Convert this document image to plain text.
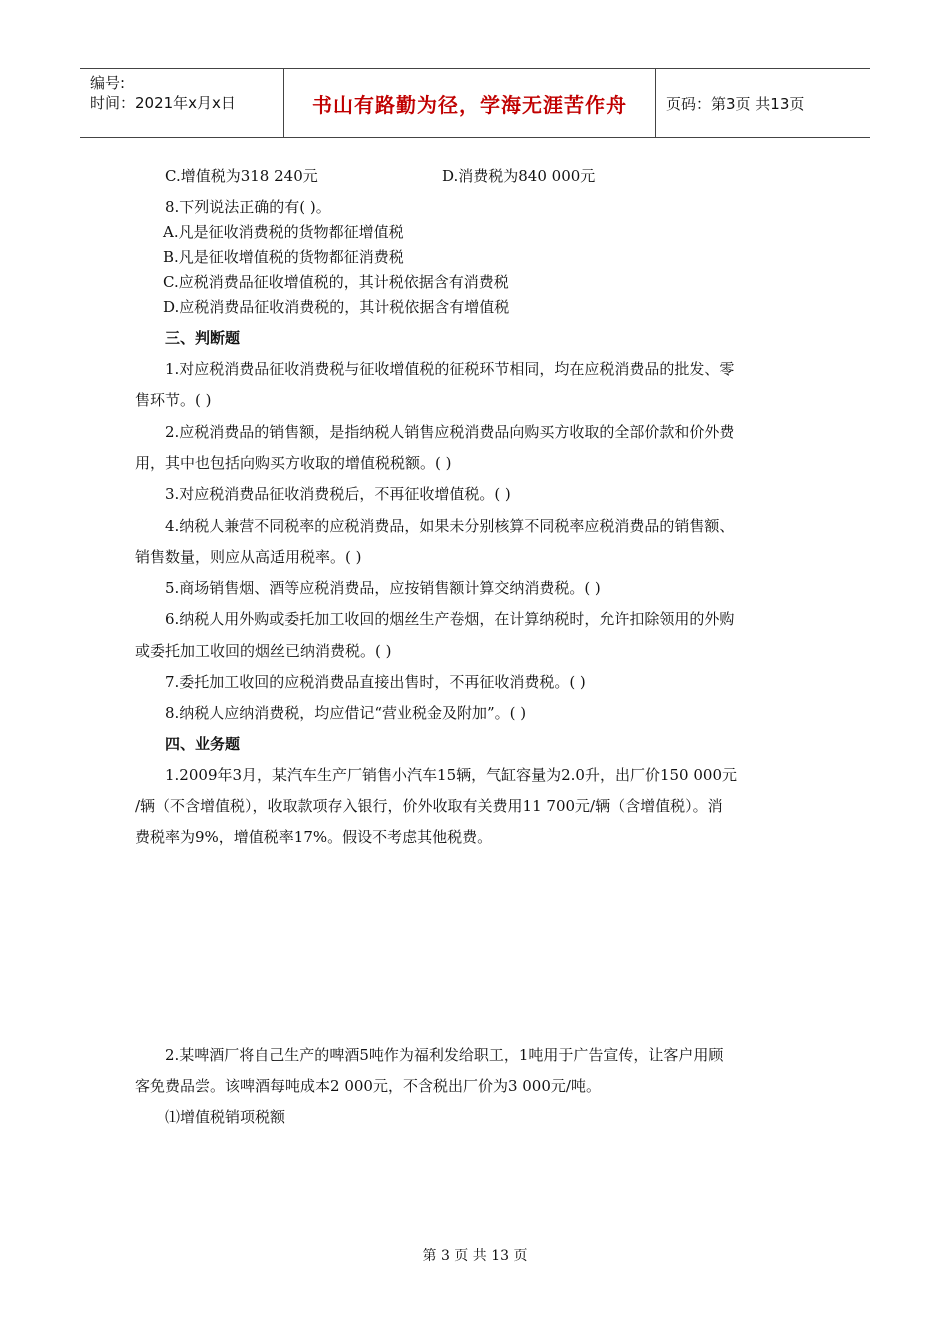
编号:
时间：2021年x月x日	书山有路勤为径，学海无涯苦作舟	页码：第3页 共13页
C.增值税为318 240元	D.消费税为840 000元
8.下列说法正确的有( )。
A.凡是征收消费税的货物都征增值税
B.凡是征收增值税的货物都征消费税
C.应税消费品征收增值税的，其计税依据含有消费税
D.应税消费品征收消费税的，其计税依据含有增值税
三、判断题
1.对应税消费品征收消费税与征收增值税的征税环节相同，均在应税消费品的批发、零
售环节。( )
2.应税消费品的销售额，是指纳税人销售应税消费品向购买方收取的全部价款和价外费
用，其中也包括向购买方收取的增值税税额。( )
3.对应税消费品征收消费税后，不再征收增值税。( )
4.纳税人兼营不同税率的应税消费品，如果未分别核算不同税率应税消费品的销售额、
销售数量，则应从高适用税率。( )
5.商场销售烟、酒等应税消费品，应按销售额计算交纳消费税。( )
6.纳税人用外购或委托加工收回的烟丝生产卷烟，在计算纳税时，允许扣除领用的外购
或委托加工收回的烟丝已纳消费税。( )
7.委托加工收回的应税消费品直接出售时，不再征收消费税。( )
8.纳税人应纳消费税，均应借记“营业税金及附加”。( )
四、业务题
1.2009年3月，某汽车生产厂销售小汽车15辆，气缸容量为2.0升，出厂价150 000元
/辆（不含增值税），收取款项存入银行，价外收取有关费用11 700元/辆（含增值税）。消
费税率为9%，增值税率17%。假设不考虑其他税费。
2.某啤酒厂将自己生产的啤酒5吨作为福利发给职工，1吨用于广告宣传，让客户用顾
客免费品尝。该啤酒每吨成本2 000元，不含税出厂价为3 000元/吨。
⑴增值税销项税额
第 3 页 共 13 页
